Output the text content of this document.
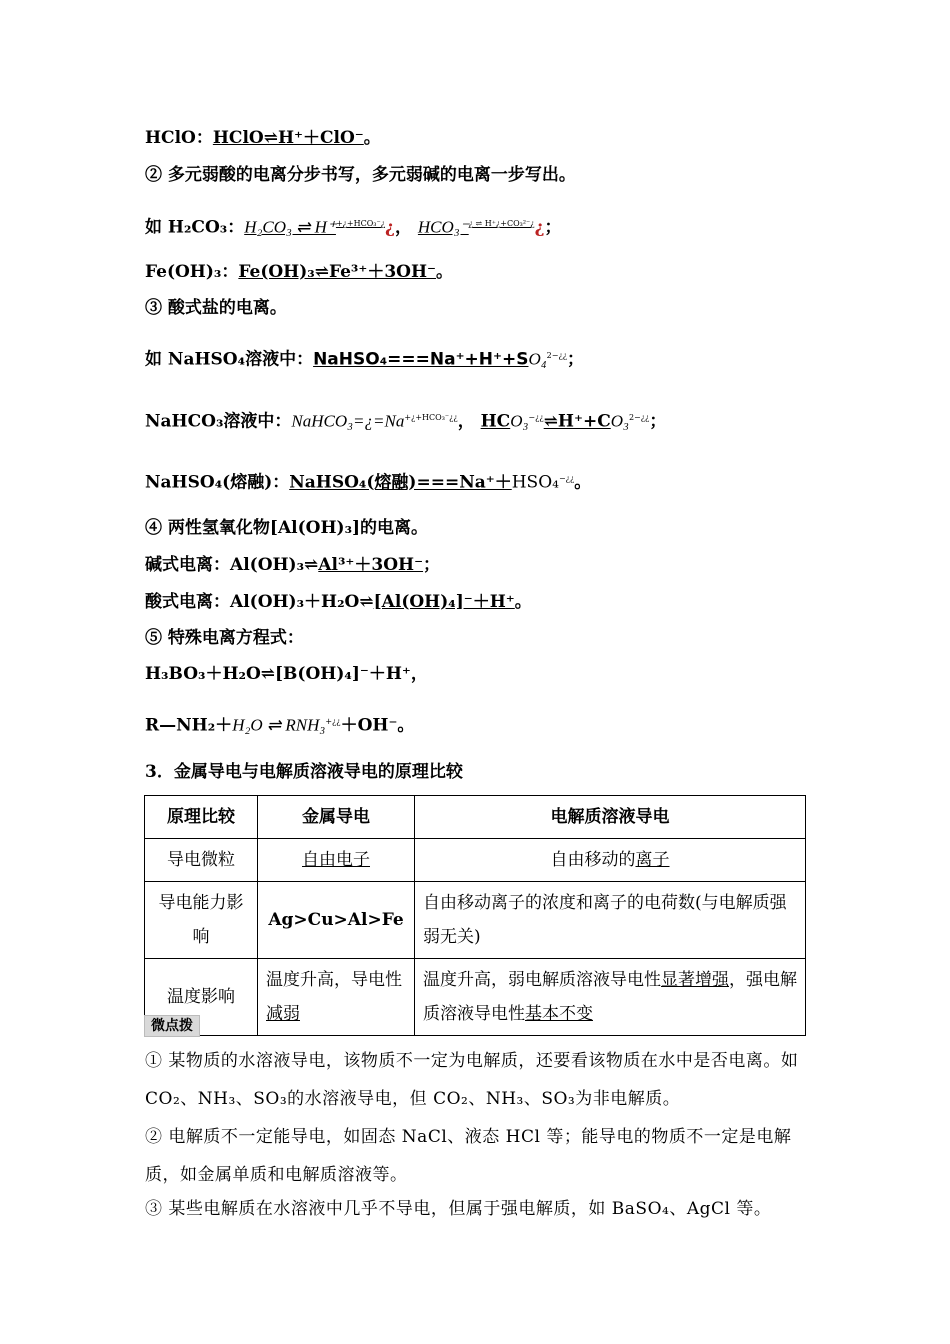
HClO：HClO⇌H⁺＋ClO⁻。
② 多元弱酸的电离分步书写，多元弱碱的电离一步写出。
如 H₂CO₃：H₂CO₃ ⇌ H⁺$^{+¿+HCO_3^-¿}$¿， HCO₃⁻$^{¿ \rightleftharpoons H^+¿+CO_3^{2-}¿}$¿；
Fe(OH)₃：Fe(OH)₃⇌Fe³⁺＋3OH⁻。
③ 酸式盐的电离。
如 NaHSO₄溶液中：NaHSO₄===Na⁺+H⁺+SO₄$^{2-¿¿}$；
NaHCO₃溶液中：$NaHCO_3=¿=Na^{+¿+HCO_3^-¿¿}$， HCO₃−¿¿⇌H⁺+CO₃$^{2-¿¿}$；
NaHSO₄(熔融)：NaHSO₄(熔融)===Na⁺＋HSO₄−¿¿。
④ 两性氢氧化物[Al(OH)₃]的电离。
碱式电离：Al(OH)₃⇌Al³⁺＋3OH⁻；
酸式电离：Al(OH)₃＋H₂O⇌[Al(OH)₄]⁻＋H⁺。
⑤ 特殊电离方程式：
H₃BO₃＋H₂O⇌[B(OH)₄]⁻＋H⁺，
R—NH₂＋H₂O ⇌ RNH₃+¿¿＋OH⁻。
3．金属导电与电解质溶液导电的原理比较
原理比较	金属导电	电解质溶液导电
导电微粒	自由电子	自由移动的离子
导电能力影响	Ag>Cu>Al>Fe	自由移动离子的浓度和离子的电荷数(与电解质强弱无关)
温度影响	温度升高，导电性减弱	温度升高，弱电解质溶液导电性显著增强，强电解质溶液导电性基本不变
微点拨
① 某物质的水溶液导电，该物质不一定为电解质，还要看该物质在水中是否电离。如 CO₂、NH₃、SO₃的水溶液导电，但 CO₂、NH₃、SO₃为非电解质。
② 电解质不一定能导电，如固态 NaCl、液态 HCl 等；能导电的物质不一定是电解质，如金属单质和电解质溶液等。
③ 某些电解质在水溶液中几乎不导电，但属于强电解质，如 BaSO₄、AgCl 等。
